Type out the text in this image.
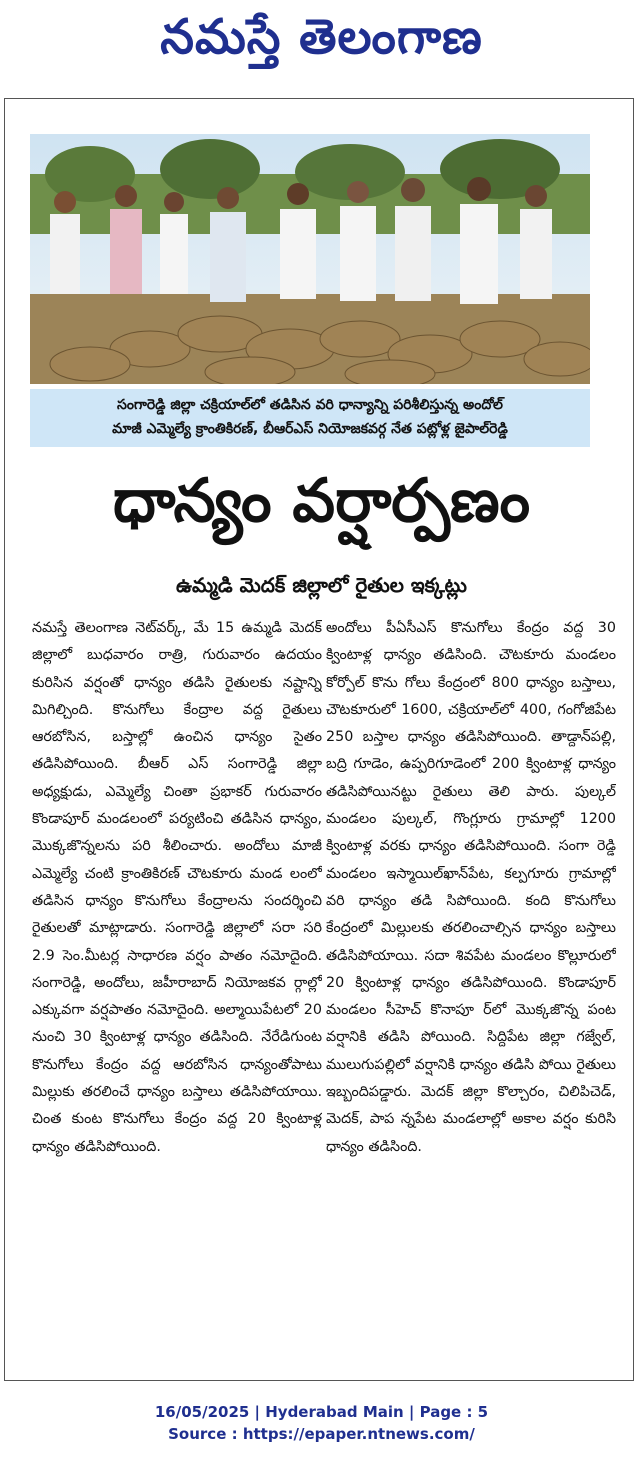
నమస్తే తెలంగాణ
సంగారెడ్డి జిల్లా చక్రియాల్‌లో తడిసిన వరి ధాన్యాన్ని పరిశీలిస్తున్న అందోల్
మాజీ ఎమ్మెల్యే క్రాంతికిరణ్, బీఆర్‌ఎస్ నియోజకవర్గ నేత పట్లోళ్ల జైపాల్‌రెడ్డి
ధాన్యం వర్షార్పణం
ఉమ్మడి మెదక్ జిల్లాలో రైతుల ఇక్కట్లు
నమస్తే తెలంగాణ నెట్‌వర్క్, మే 15 ఉమ్మడి మెదక్ జిల్లాలో బుధవారం రాత్రి, గురువారం ఉదయం కురిసిన వర్షంతో ధాన్యం తడిసి రైతులకు నష్టాన్ని మిగిల్చింది. కొనుగోలు కేంద్రాల వద్ద రైతులు ఆరబోసిన, బస్తాల్లో ఉంచిన ధాన్యం సైతం తడిసిపోయింది. బీఆర్ ఎస్ సంగారెడ్డి జిల్లా అధ్యక్షుడు, ఎమ్మెల్యే చింతా ప్రభాకర్ గురువారం కొండాపూర్ మండలంలో పర్యటించి తడిసిన ధాన్యం, మొక్కజొన్నలను పరి శీలించారు. అందోలు మాజీ ఎమ్మెల్యే చంటి క్రాంతికిరణ్ చౌటకూరు మండ లంలో తడిసిన ధాన్యం కొనుగోలు కేంద్రాలను సందర్శించి రైతులతో మాట్లాడారు. సంగారెడ్డి జిల్లాలో సరా సరి 2.9 సెం.మీటర్ల సాధారణ వర్షం పాతం నమోదైంది. సంగారెడ్డి, అందోలు, జహీరాబాద్ నియోజకవ ర్గాల్లో ఎక్కువగా వర్షపాతం నమోదైంది. అల్మాయిపేటలో 20 నుంచి 30 క్వింటాళ్ల ధాన్యం తడిసింది. నేరేడిగుంట కొనుగోలు కేంద్రం వద్ద ఆరబోసిన ధాన్యంతోపాటు మిల్లుకు తరలించే ధాన్యం బస్తాలు తడిసిపోయాయి. చింత కుంట కొనుగోలు కేంద్రం వద్ద 20 క్వింటాళ్ల ధాన్యం తడిసిపోయింది.
అందోలు పీఏసీఎస్ కొనుగోలు కేంద్రం వద్ద 30 క్వింటాళ్ల ధాన్యం తడిసింది. చౌటకూరు మండలం కోర్పోల్ కొను గోలు కేంద్రంలో 800 ధాన్యం బస్తాలు, చౌటకూరులో 1600, చక్రియాల్‌లో 400, గంగోజిపేట 250 బస్తాల ధాన్యం తడిసిపోయింది. తాడ్దాన్‌పల్లి, బద్రి గూడెం, ఉప్పరిగూడెంలో 200 క్వింటాళ్ల ధాన్యం తడిసిపోయినట్టు రైతులు తెలి పారు. పుల్కల్ మండలం పుల్కల్, గొంగ్లూరు గ్రామాల్లో 1200 క్వింటాళ్ల వరకు ధాన్యం తడిసిపోయింది. సంగా రెడ్డి మండలం ఇస్మాయిల్‌ఖాన్‌పేట, కల్పగూరు గ్రామాల్లో వరి ధాన్యం తడి సిపోయింది. కంది కొనుగోలు కేంద్రంలో మిల్లులకు తరలించాల్సిన ధాన్యం బస్తాలు తడిసిపోయాయి. సదా శివపేట మండలం కొల్లూరులో 20 క్వింటాళ్ల ధాన్యం తడిసిపోయింది. కొండాపూర్ మండలం సీహెచ్ కొనాపూ ర్‌లో మొక్కజొన్న పంట వర్షానికి తడిసి పోయింది. సిద్దిపేట జిల్లా గజ్వేల్, ములుగుపల్లిలో వర్షానికి ధాన్యం తడిసి పోయి రైతులు ఇబ్బందిపడ్డారు. మెదక్ జిల్లా కొల్చారం, చిలిపిచెడ్, మెదక్, పాప న్నపేట మండలాల్లో అకాల వర్షం కురిసి ధాన్యం తడిసింది.
16/05/2025 | Hyderabad Main | Page : 5
Source : https://epaper.ntnews.com/
